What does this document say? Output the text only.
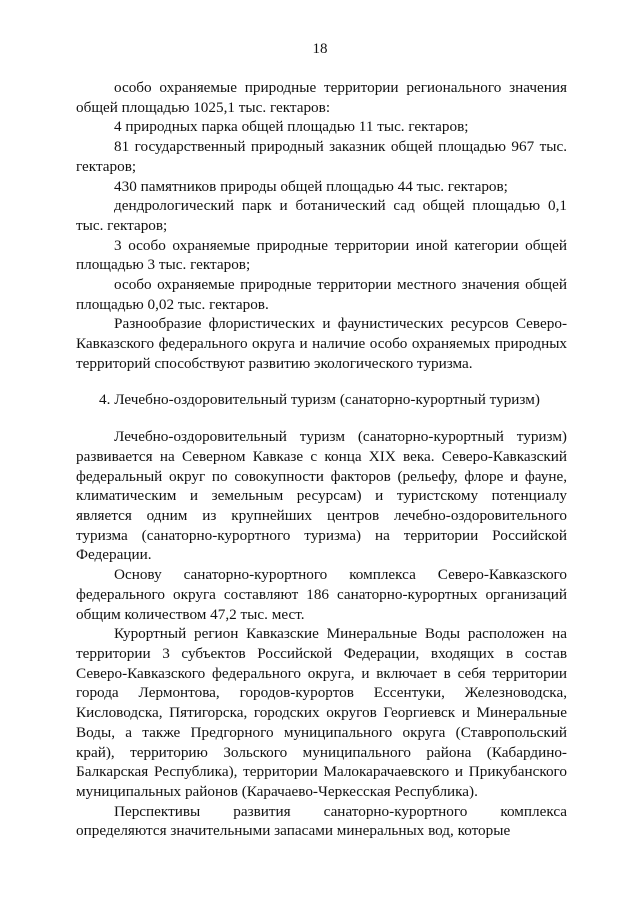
18

особо охраняемые природные территории регионального значения общей площадью 1025,1 тыс. гектаров:

4 природных парка общей площадью 11 тыс. гектаров;

81 государственный природный заказник общей площадью 967 тыс. гектаров;

430 памятников природы общей площадью 44 тыс. гектаров;

дендрологический парк и ботанический сад общей площадью 0,1 тыс. гектаров;

3 особо охраняемые природные территории иной категории общей площадью 3 тыс. гектаров;

особо охраняемые природные территории местного значения общей площадью 0,02 тыс. гектаров.

Разнообразие флористических и фаунистических ресурсов Северо-Кавказского федерального округа и наличие особо охраняемых природных территорий способствуют развитию экологического туризма.

4. Лечебно-оздоровительный туризм (санаторно-курортный туризм)

Лечебно-оздоровительный туризм (санаторно-курортный туризм) развивается на Северном Кавказе с конца XIX века. Северо-Кавказский федеральный округ по совокупности факторов (рельефу, флоре и фауне, климатическим и земельным ресурсам) и туристскому потенциалу является одним из крупнейших центров лечебно-оздоровительного туризма (санаторно-курортного туризма) на территории Российской Федерации.

Основу санаторно-курортного комплекса Северо-Кавказского федерального округа составляют 186 санаторно-курортных организаций общим количеством 47,2 тыс. мест.

Курортный регион Кавказские Минеральные Воды расположен на территории 3 субъектов Российской Федерации, входящих в состав Северо-Кавказского федерального округа, и включает в себя территории города Лермонтова, городов-курортов Ессентуки, Железноводска, Кисловодска, Пятигорска, городских округов Георгиевск и Минеральные Воды, а также Предгорного муниципального округа (Ставропольский край), территорию Зольского муниципального района (Кабардино-Балкарская Республика), территории Малокарачаевского и Прикубанского муниципальных районов (Карачаево-Черкесская Республика).

Перспективы развития санаторно-курортного комплекса определяются значительными запасами минеральных вод, которые
